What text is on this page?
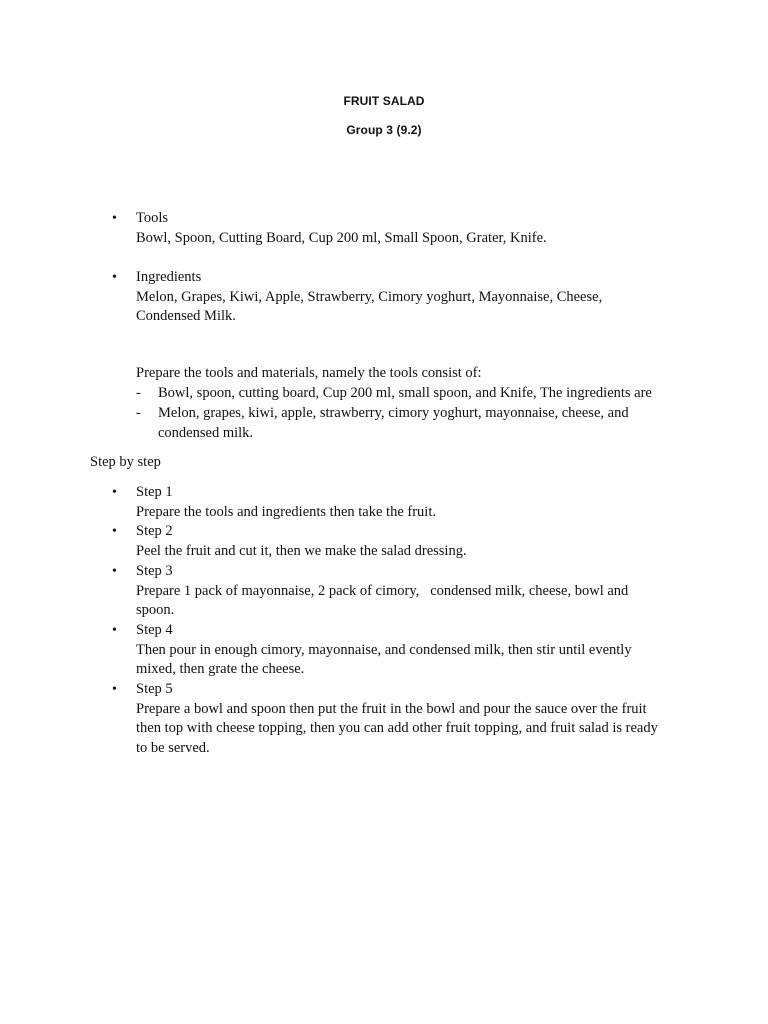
FRUIT SALAD
Group 3 (9.2)
•	Tools
Bowl, Spoon, Cutting Board, Cup 200 ml, Small Spoon, Grater, Knife.
•	Ingredients
Melon, Grapes, Kiwi, Apple, Strawberry, Cimory yoghurt, Mayonnaise, Cheese,
Condensed Milk.
Prepare the tools and materials, namely the tools consist of:
- Bowl, spoon, cutting board, Cup 200 ml, small spoon, and Knife, The ingredients are
- Melon, grapes, kiwi, apple, strawberry, cimory yoghurt, mayonnaise, cheese, and
condensed milk.
Step by step
•	Step 1
Prepare the tools and ingredients then take the fruit.
•	Step 2
Peel the fruit and cut it, then we make the salad dressing.
•	Step 3
Prepare 1 pack of mayonnaise, 2 pack of cimory,   condensed milk, cheese, bowl and
spoon.
•	Step 4
Then pour in enough cimory, mayonnaise, and condensed milk, then stir until evently
mixed, then grate the cheese.
•	Step 5
Prepare a bowl and spoon then put the fruit in the bowl and pour the sauce over the fruit
then top with cheese topping, then you can add other fruit topping, and fruit salad is ready
to be served.
